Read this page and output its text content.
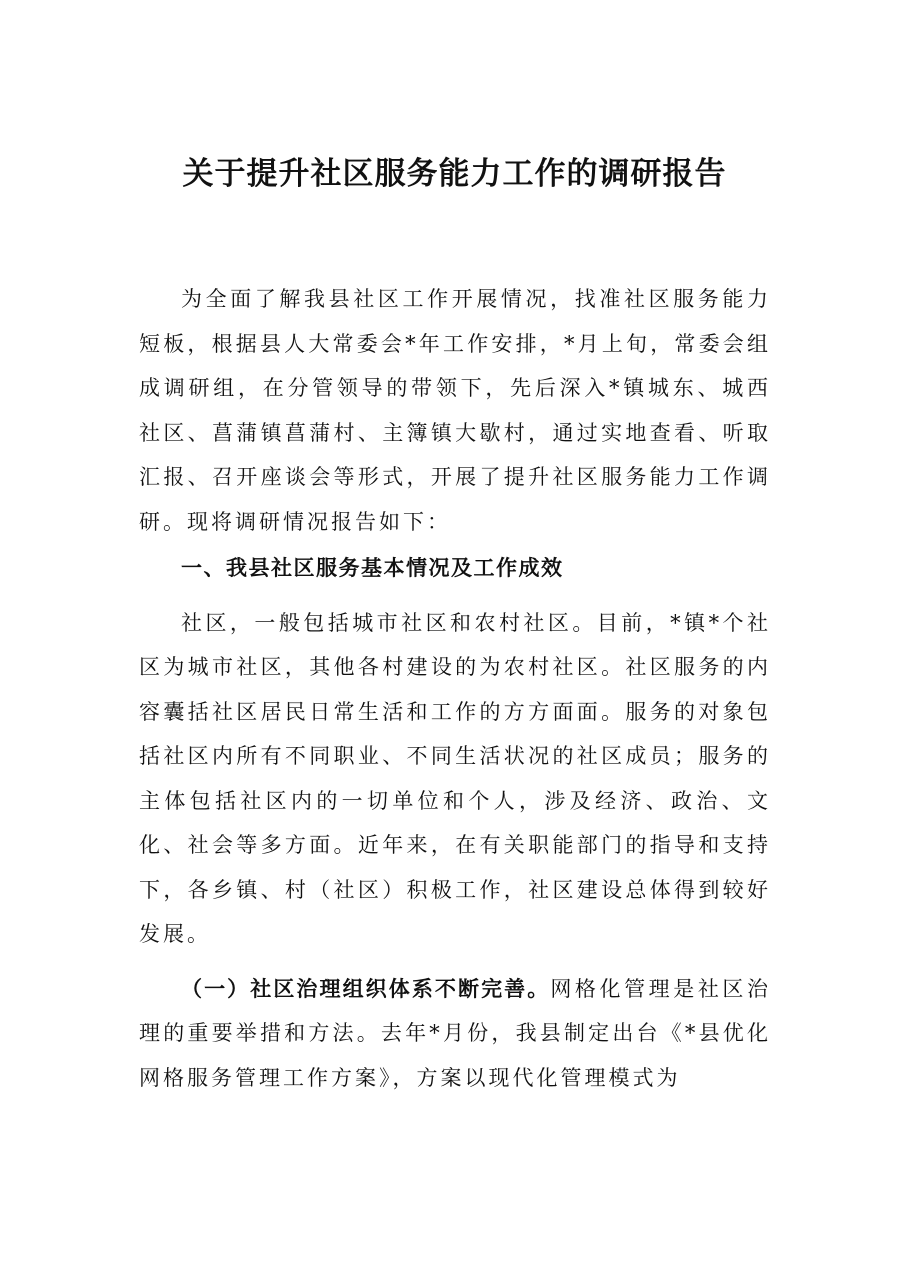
关于提升社区服务能力工作的调研报告

为全面了解我县社区工作开展情况，找准社区服务能力短板，根据县人大常委会*年工作安排，*月上旬，常委会组成调研组，在分管领导的带领下，先后深入*镇城东、城西社区、菖蒲镇菖蒲村、主簿镇大歇村，通过实地查看、听取汇报、召开座谈会等形式，开展了提升社区服务能力工作调研。现将调研情况报告如下：

一、我县社区服务基本情况及工作成效

社区，一般包括城市社区和农村社区。目前，*镇*个社区为城市社区，其他各村建设的为农村社区。社区服务的内容囊括社区居民日常生活和工作的方方面面。服务的对象包括社区内所有不同职业、不同生活状况的社区成员；服务的主体包括社区内的一切单位和个人，涉及经济、政治、文化、社会等多方面。近年来，在有关职能部门的指导和支持下，各乡镇、村（社区）积极工作，社区建设总体得到较好发展。

（一）社区治理组织体系不断完善。网格化管理是社区治理的重要举措和方法。去年*月份，我县制定出台《*县优化网格服务管理工作方案》，方案以现代化管理模式为
